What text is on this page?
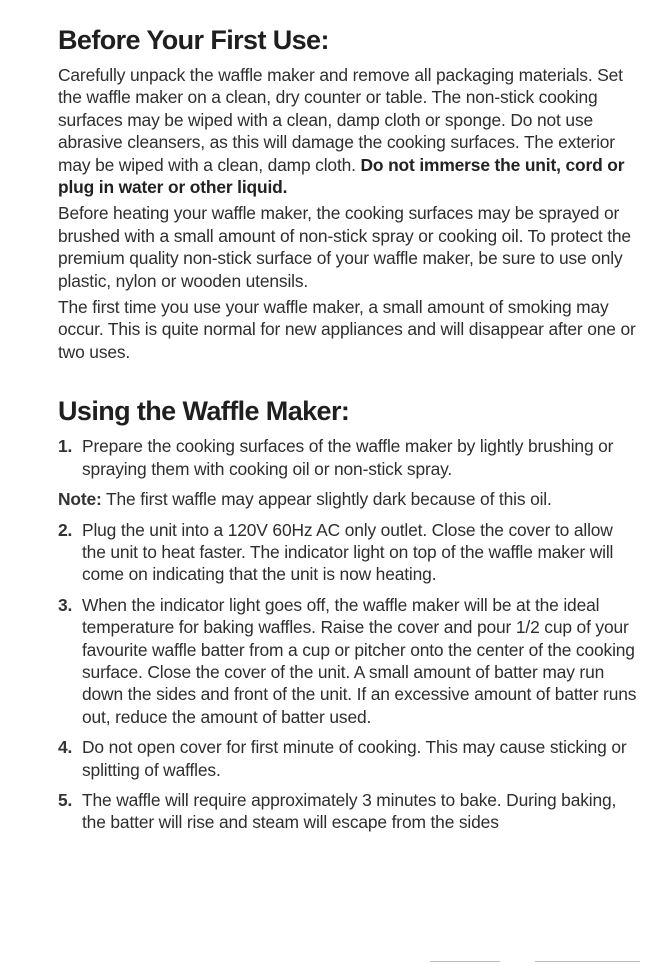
Before Your First Use:

Carefully unpack the waffle maker and remove all packaging materials. Set the waffle maker on a clean, dry counter or table. The non-stick cooking surfaces may be wiped with a clean, damp cloth or sponge. Do not use abrasive cleansers, as this will damage the cooking surfaces. The exterior may be wiped with a clean, damp cloth. Do not immerse the unit, cord or plug in water or other liquid.

Before heating your waffle maker, the cooking surfaces may be sprayed or brushed with a small amount of non-stick spray or cooking oil. To protect the premium quality non-stick surface of your waffle maker, be sure to use only plastic, nylon or wooden utensils.

The first time you use your waffle maker, a small amount of smoking may occur. This is quite normal for new appliances and will disappear after one or two uses.

Using the Waffle Maker:
1. Prepare the cooking surfaces of the waffle maker by lightly brushing or spraying them with cooking oil or non-stick spray.

Note: The first waffle may appear slightly dark because of this oil.

2. Plug the unit into a 120V 60Hz AC only outlet. Close the cover to allow the unit to heat faster. The indicator light on top of the waffle maker will come on indicating that the unit is now heating.
3. When the indicator light goes off, the waffle maker will be at the ideal temperature for baking waffles. Raise the cover and pour 1/2 cup of your favourite waffle batter from a cup or pitcher onto the center of the cooking surface. Close the cover of the unit. A small amount of batter may run down the sides and front of the unit. If an excessive amount of batter runs out, reduce the amount of batter used.
4. Do not open cover for first minute of cooking. This may cause sticking or splitting of waffles.
5. The waffle will require approximately 3 minutes to bake. During baking, the batter will rise and steam will escape from the sides
